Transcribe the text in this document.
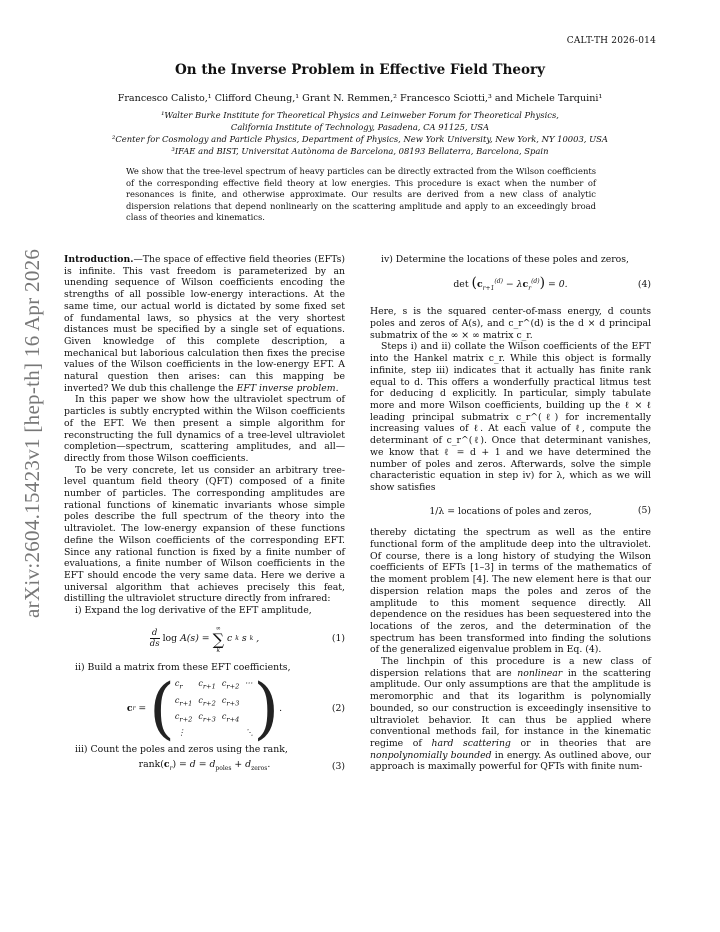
CALT-TH 2026-014
arXiv:2604.15423v1 [hep-th] 16 Apr 2026
On the Inverse Problem in Effective Field Theory
Francesco Calisto,¹ Clifford Cheung,¹ Grant N. Remmen,² Francesco Sciotti,³ and Michele Tarquini¹
¹Walter Burke Institute for Theoretical Physics and Leinweber Forum for Theoretical Physics,
California Institute of Technology, Pasadena, CA 91125, USA
²Center for Cosmology and Particle Physics, Department of Physics, New York University, New York, NY 10003, USA
³IFAE and BIST, Universitat Autònoma de Barcelona, 08193 Bellaterra, Barcelona, Spain
We show that the tree-level spectrum of heavy particles can be directly extracted from the Wilson coefficients of the corresponding effective field theory at low energies. This procedure is exact when the number of resonances is finite, and otherwise approximate. Our results are derived from a new class of analytic dispersion relations that depend nonlinearly on the scattering amplitude and apply to an exceedingly broad class of theories and kinematics.

Introduction.—The space of effective field theories (EFTs) is infinite. This vast freedom is parameterized by an unending sequence of Wilson coefficients encoding the strengths of all possible low-energy interactions. At the same time, our actual world is dictated by some fixed set of fundamental laws, so physics at the very shortest distances must be specified by a single set of equations. Given knowledge of this complete description, a mechanical but laborious calculation then fixes the precise values of the Wilson coefficients in the low-energy EFT. A natural question then arises: can this mapping be inverted? We dub this challenge the EFT inverse problem.

In this paper we show how the ultraviolet spectrum of particles is subtly encrypted within the Wilson coefficients of the EFT. We then present a simple algorithm for reconstructing the full dynamics of a tree-level ultraviolet completion—spectrum, scattering amplitudes, and all—directly from those Wilson coefficients.

To be very concrete, let us consider an arbitrary tree-level quantum field theory (QFT) composed of a finite number of particles. The corresponding amplitudes are rational functions of kinematic invariants whose simple poles describe the full spectrum of the theory into the ultraviolet. The low-energy expansion of these functions define the Wilson coefficients of the corresponding EFT. Since any rational function is fixed by a finite number of evaluations, a finite number of Wilson coefficients in the EFT should encode the very same data. Here we derive a universal algorithm that achieves precisely this feat, distilling the ultraviolet structure directly from infrared:

i) Expand the log derivative of the EFT amplitude,

d
ds log A(s) =
∞
∑
k
c k s k ,	(1)

ii) Build a matrix from these EFT coefficients,

c r = ( $c_r$	$c_{r+1}$ $c_{r+2}$ ···
$c_{r+1}$ $c_{r+2}$ $c_{r+3}$
$c_{r+2}$ $c_{r+3}$ $c_{r+4}$
⋮	⋱ ) .	(2)

iii) Count the poles and zeros using the rank,

$rank(c_r) = d = d_{poles} + d_{zeros}$.	(3)

iv) Determine the locations of these poles and zeros,

$\det (c_{r+1}^{(d)} - \lambda c_r^{(d)}) = 0$.	(4)

Here, s is the squared center-of-mass energy, d counts poles and zeros of A(s), and c_r^(d) is the d × d principal submatrix of the ∞ × ∞ matrix c_r.

Steps i) and ii) collate the Wilson coefficients of the EFT into the Hankel matrix c_r. While this object is formally infinite, step iii) indicates that it actually has finite rank equal to d. This offers a wonderfully practical litmus test for deducing d explicitly. In particular, simply tabulate more and more Wilson coefficients, building up the ℓ × ℓ leading principal submatrix c_r^(ℓ) for incrementally increasing values of ℓ. At each value of ℓ, compute the determinant of c_r^(ℓ). Once that determinant vanishes, we know that ℓ = d + 1 and we have determined the number of poles and zeros. Afterwards, solve the simple characteristic equation in step iv) for λ, which as we will show satisfies

1/λ = locations of poles and zeros,	(5)

thereby dictating the spectrum as well as the entire functional form of the amplitude deep into the ultraviolet. Of course, there is a long history of studying the Wilson coefficients of EFTs [1–3] in terms of the mathematics of the moment problem [4]. The new element here is that our dispersion relation maps the poles and zeros of the amplitude to this moment sequence directly. All dependence on the residues has been sequestered into the locations of the zeros, and the determination of the spectrum has been transformed into finding the solutions of the generalized eigenvalue problem in Eq. (4).

The linchpin of this procedure is a new class of dispersion relations that are nonlinear in the scattering amplitude. Our only assumptions are that the amplitude is meromorphic and that its logarithm is polynomially bounded, so our construction is exceedingly insensitive to ultraviolet behavior. It can thus be applied where conventional methods fail, for instance in the kinematic regime of hard scattering or in theories that are nonpolynomially bounded in energy. As outlined above, our approach is maximally powerful for QFTs with finite num-
